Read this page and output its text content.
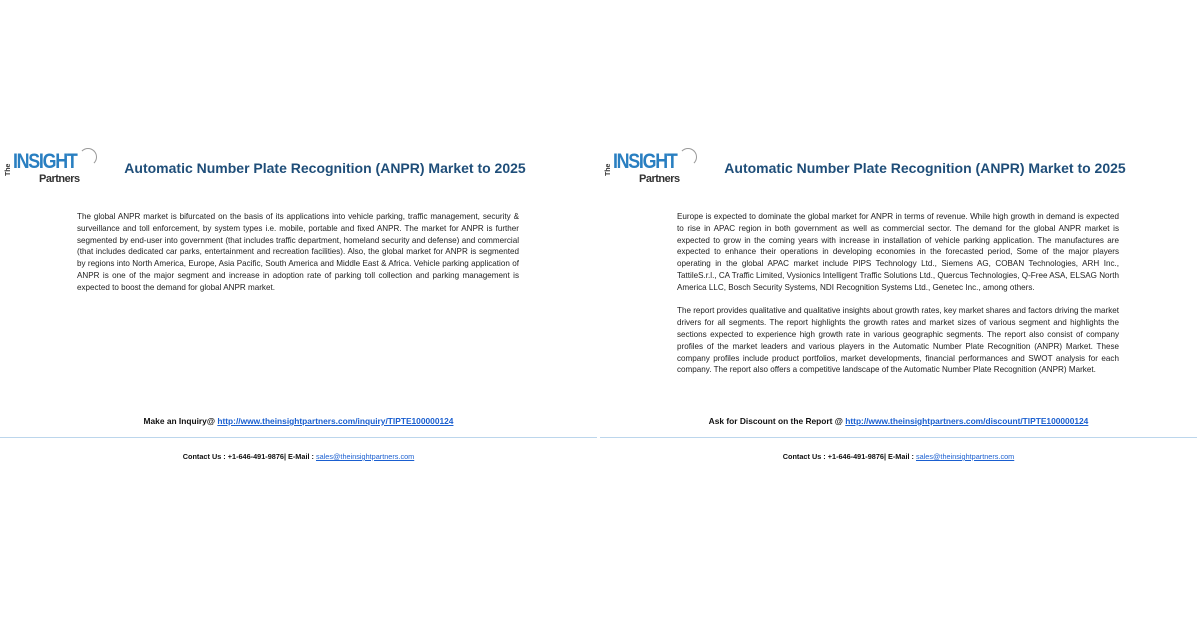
The INSIGHT
Partners
Automatic Number Plate Recognition (ANPR) Market to 2025

The global ANPR market is bifurcated on the basis of its applications into vehicle parking, traffic management, security & surveillance and toll enforcement, by system types i.e. mobile, portable and fixed ANPR. The market for ANPR is further segmented by end-user into government (that includes traffic department, homeland security and defense) and commercial (that includes dedicated car parks, entertainment and recreation facilities). Also, the global market for ANPR is segmented by regions into North America, Europe, Asia Pacific, South America and Middle East & Africa. Vehicle parking application of ANPR is one of the major segment and increase in adoption rate of parking toll collection and parking management is expected to boost the demand for global ANPR market.

Make an Inquiry@ http://www.theinsightpartners.com/inquiry/TIPTE100000124
Contact Us : +1-646-491-9876| E-Mail : sales@theinsightpartners.com
The INSIGHT
Partners
Automatic Number Plate Recognition (ANPR) Market to 2025

Europe is expected to dominate the global market for ANPR in terms of revenue. While high growth in demand is expected to rise in APAC region in both government as well as commercial sector. The demand for the global ANPR market is expected to grow in the coming years with increase in installation of vehicle parking application. The manufactures are expected to enhance their operations in developing economies in the forecasted period, Some of the major players operating in the global APAC market include PIPS Technology Ltd., Siemens AG, COBAN Technologies, ARH Inc., TattileS.r.l., CA Traffic Limited, Vysionics Intelligent Traffic Solutions Ltd., Quercus Technologies, Q-Free ASA, ELSAG North America LLC, Bosch Security Systems, NDI Recognition Systems Ltd., Genetec Inc., among others.

The report provides qualitative and qualitative insights about growth rates, key market shares and factors driving the market drivers for all segments. The report highlights the growth rates and market sizes of various segment and highlights the sections expected to experience high growth rate in various geographic segments. The report also consist of company profiles of the market leaders and various players in the Automatic Number Plate Recognition (ANPR) Market. These company profiles include product portfolios, market developments, financial performances and SWOT analysis for each company. The report also offers a competitive landscape of the Automatic Number Plate Recognition (ANPR) Market.

Ask for Discount on the Report @ http://www.theinsightpartners.com/discount/TIPTE100000124
Contact Us : +1-646-491-9876| E-Mail : sales@theinsightpartners.com
